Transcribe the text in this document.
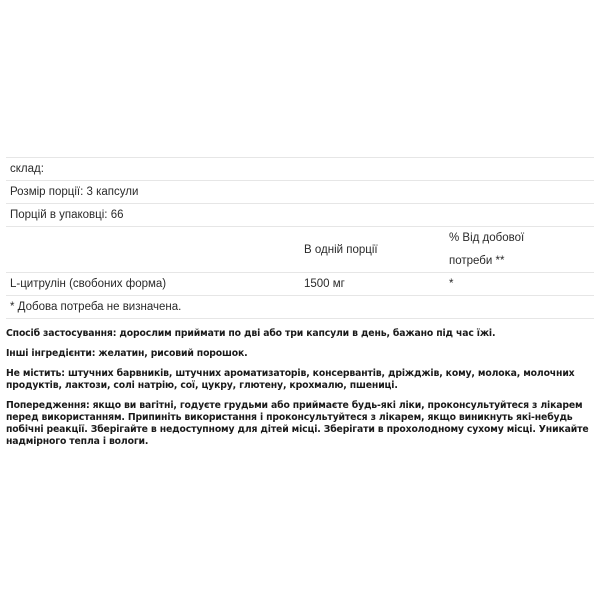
склад:
Розмір порції: 3 капсули
Порцій в упаковці: 66
В одній порції
% Від добової потреби **
L-цитрулін (свобоних форма)	1500 мг	*
* Добова потреба не визначена.

Спосіб застосування: дорослим приймати по дві або три капсули в день, бажано під час їжі.

Інші інгредієнти: желатин, рисовий порошок.

Не містить: штучних барвників, штучних ароматизаторів, консервантів, дріжджів, кому, молока, молочних продуктів, лактози, солі натрію, сої, цукру, глютену, крохмалю, пшениці.

Попередження: якщо ви вагітні, годуєте грудьми або приймаєте будь-які ліки, проконсультуйтеся з лікарем перед використанням. Припиніть використання і проконсультуйтеся з лікарем, якщо виникнуть які-небудь побічні реакції. Зберігайте в недоступному для дітей місці. Зберігати в прохолодному сухому місці. Уникайте надмірного тепла і вологи.
